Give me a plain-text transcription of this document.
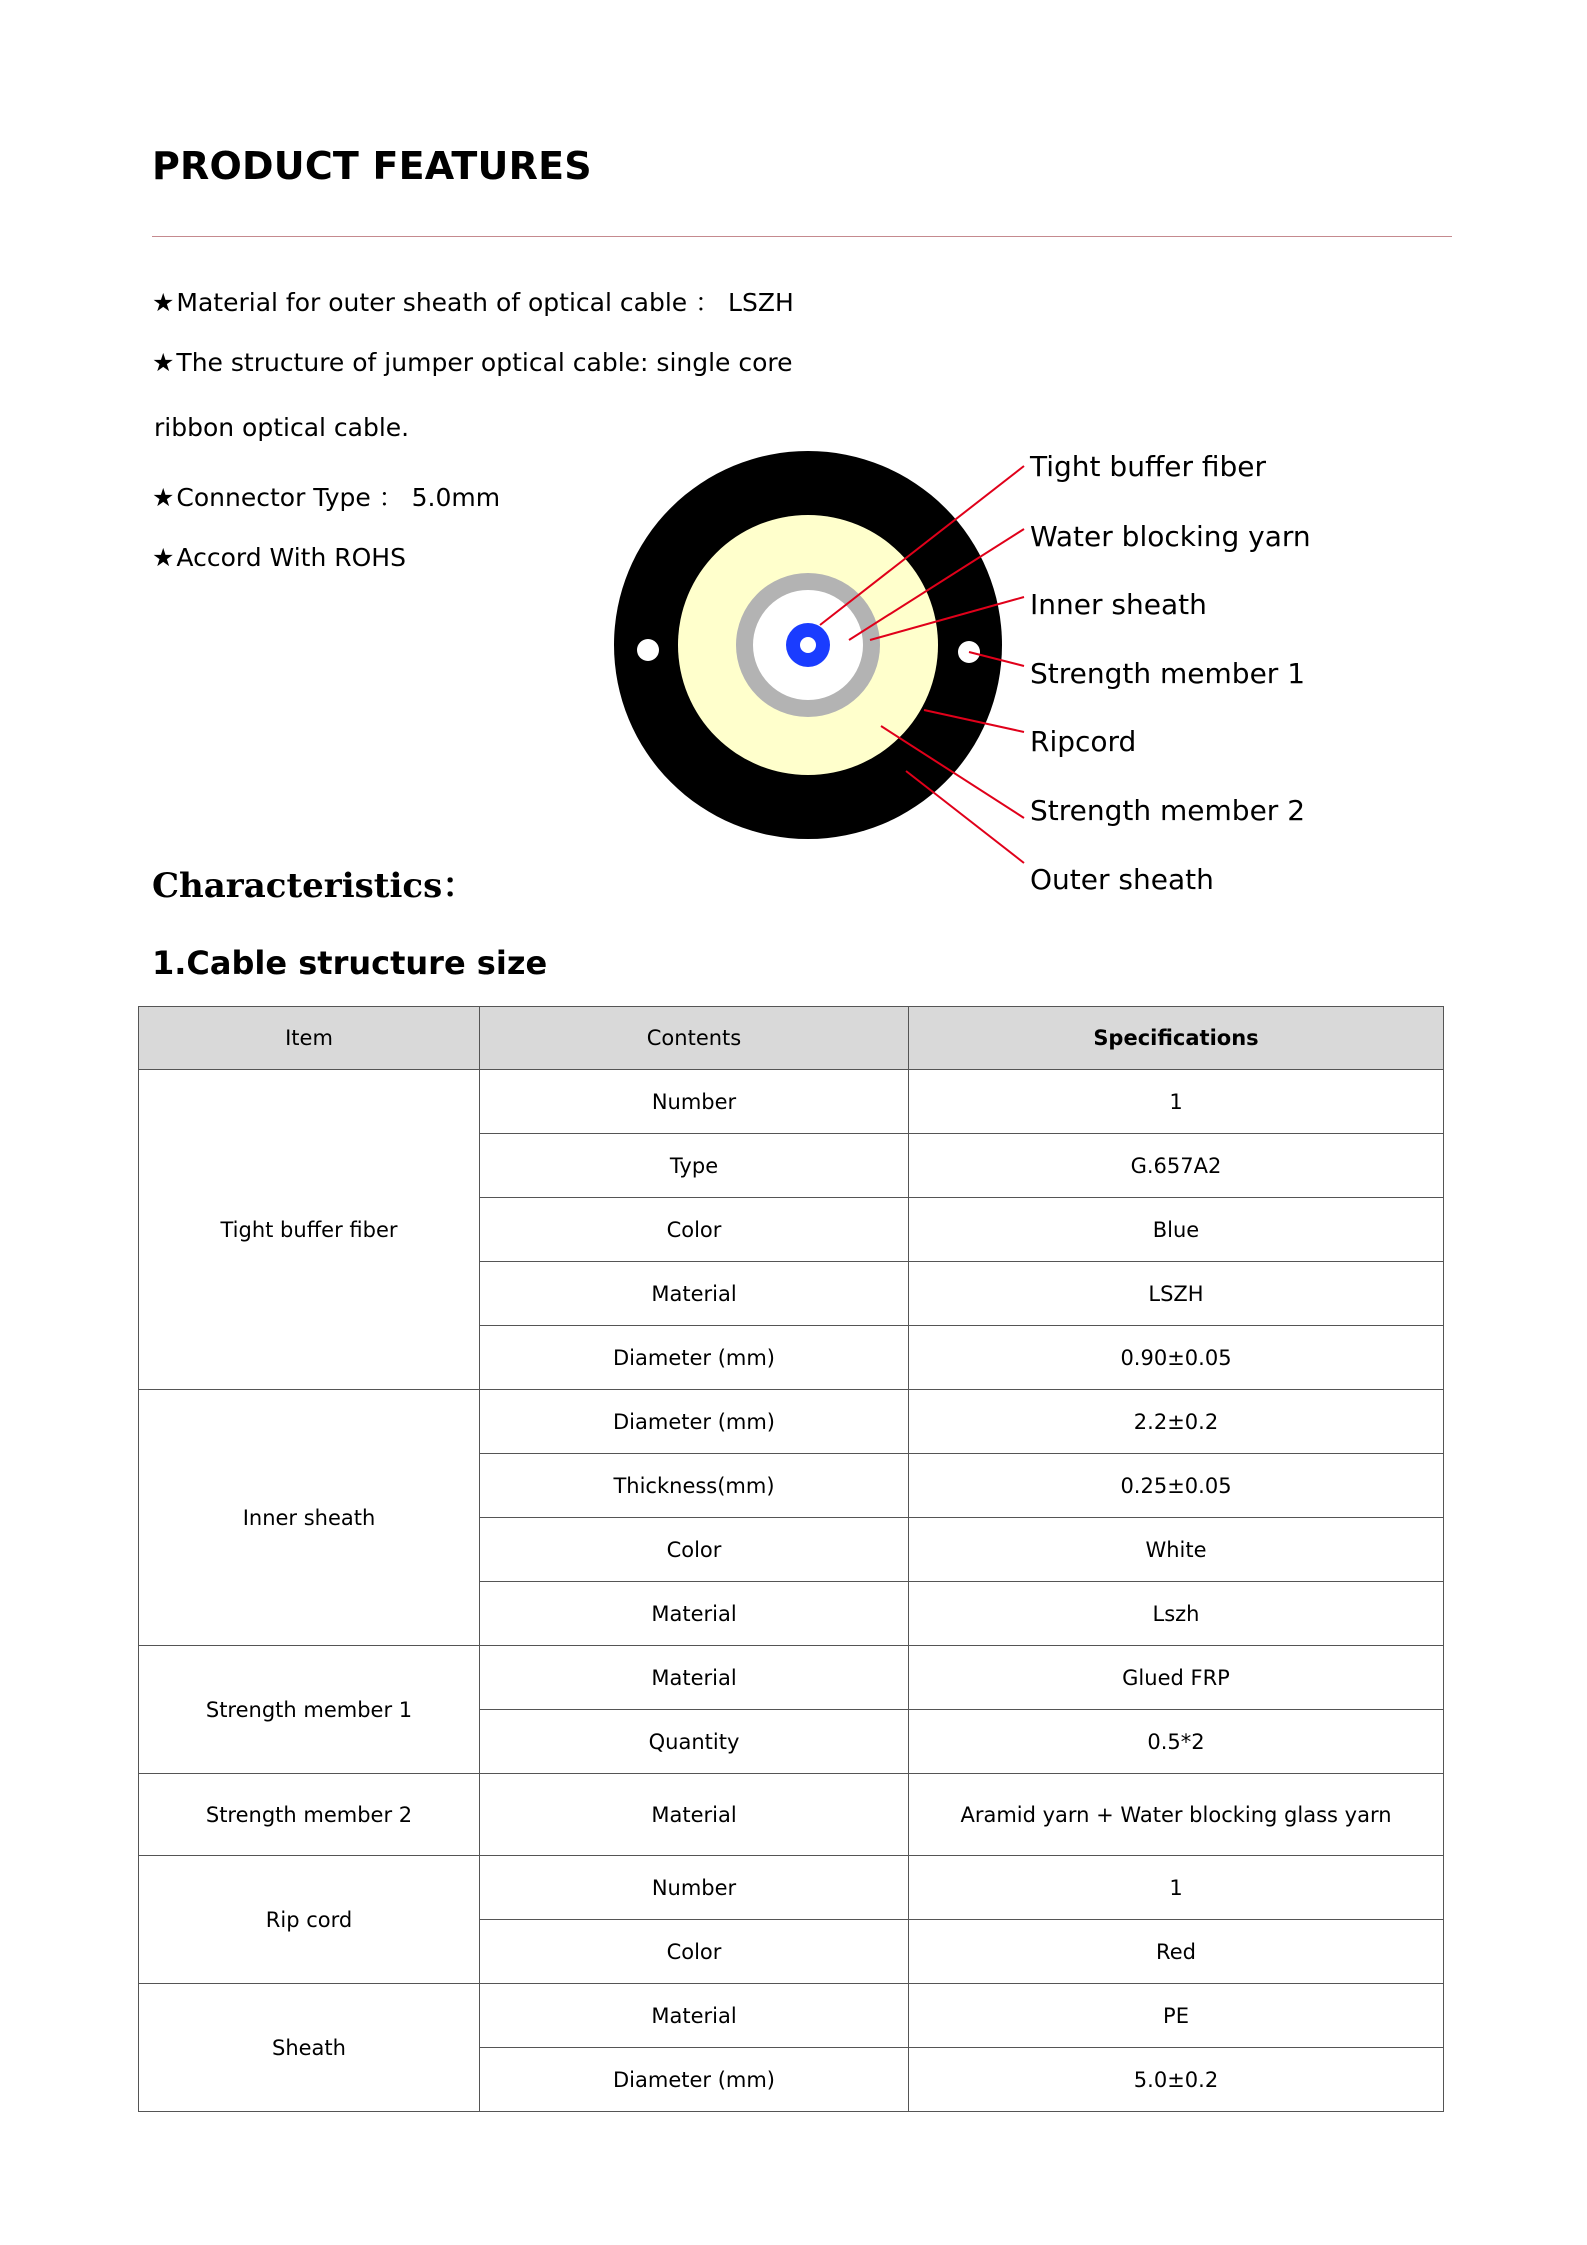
PRODUCT FEATURES
★Material for outer sheath of optical cable ： LSZH
★The structure of jumper optical cable: single core
ribbon optical cable.
★Connector Type ： 5.0mm
★Accord With ROHS
Tight buffer fiber
Water blocking yarn
Inner sheath
Strength member 1
Ripcord
Strength member 2
Outer sheath
Characteristics：
1.Cable structure size
Item	Contents	Specifications
Tight buffer fiber	Number	1
	Type	G.657A2
	Color	Blue
	Material	LSZH
	Diameter (mm)	0.90±0.05
Inner sheath	Diameter (mm)	2.2±0.2
	Thickness(mm)	0.25±0.05
	Color	White
	Material	Lszh
Strength member 1	Material	Glued FRP
	Quantity	0.5*2
Strength member 2	Material	Aramid yarn + Water blocking glass yarn
Rip cord	Number	1
	Color	Red
Sheath	Material	PE
	Diameter (mm)	5.0±0.2
